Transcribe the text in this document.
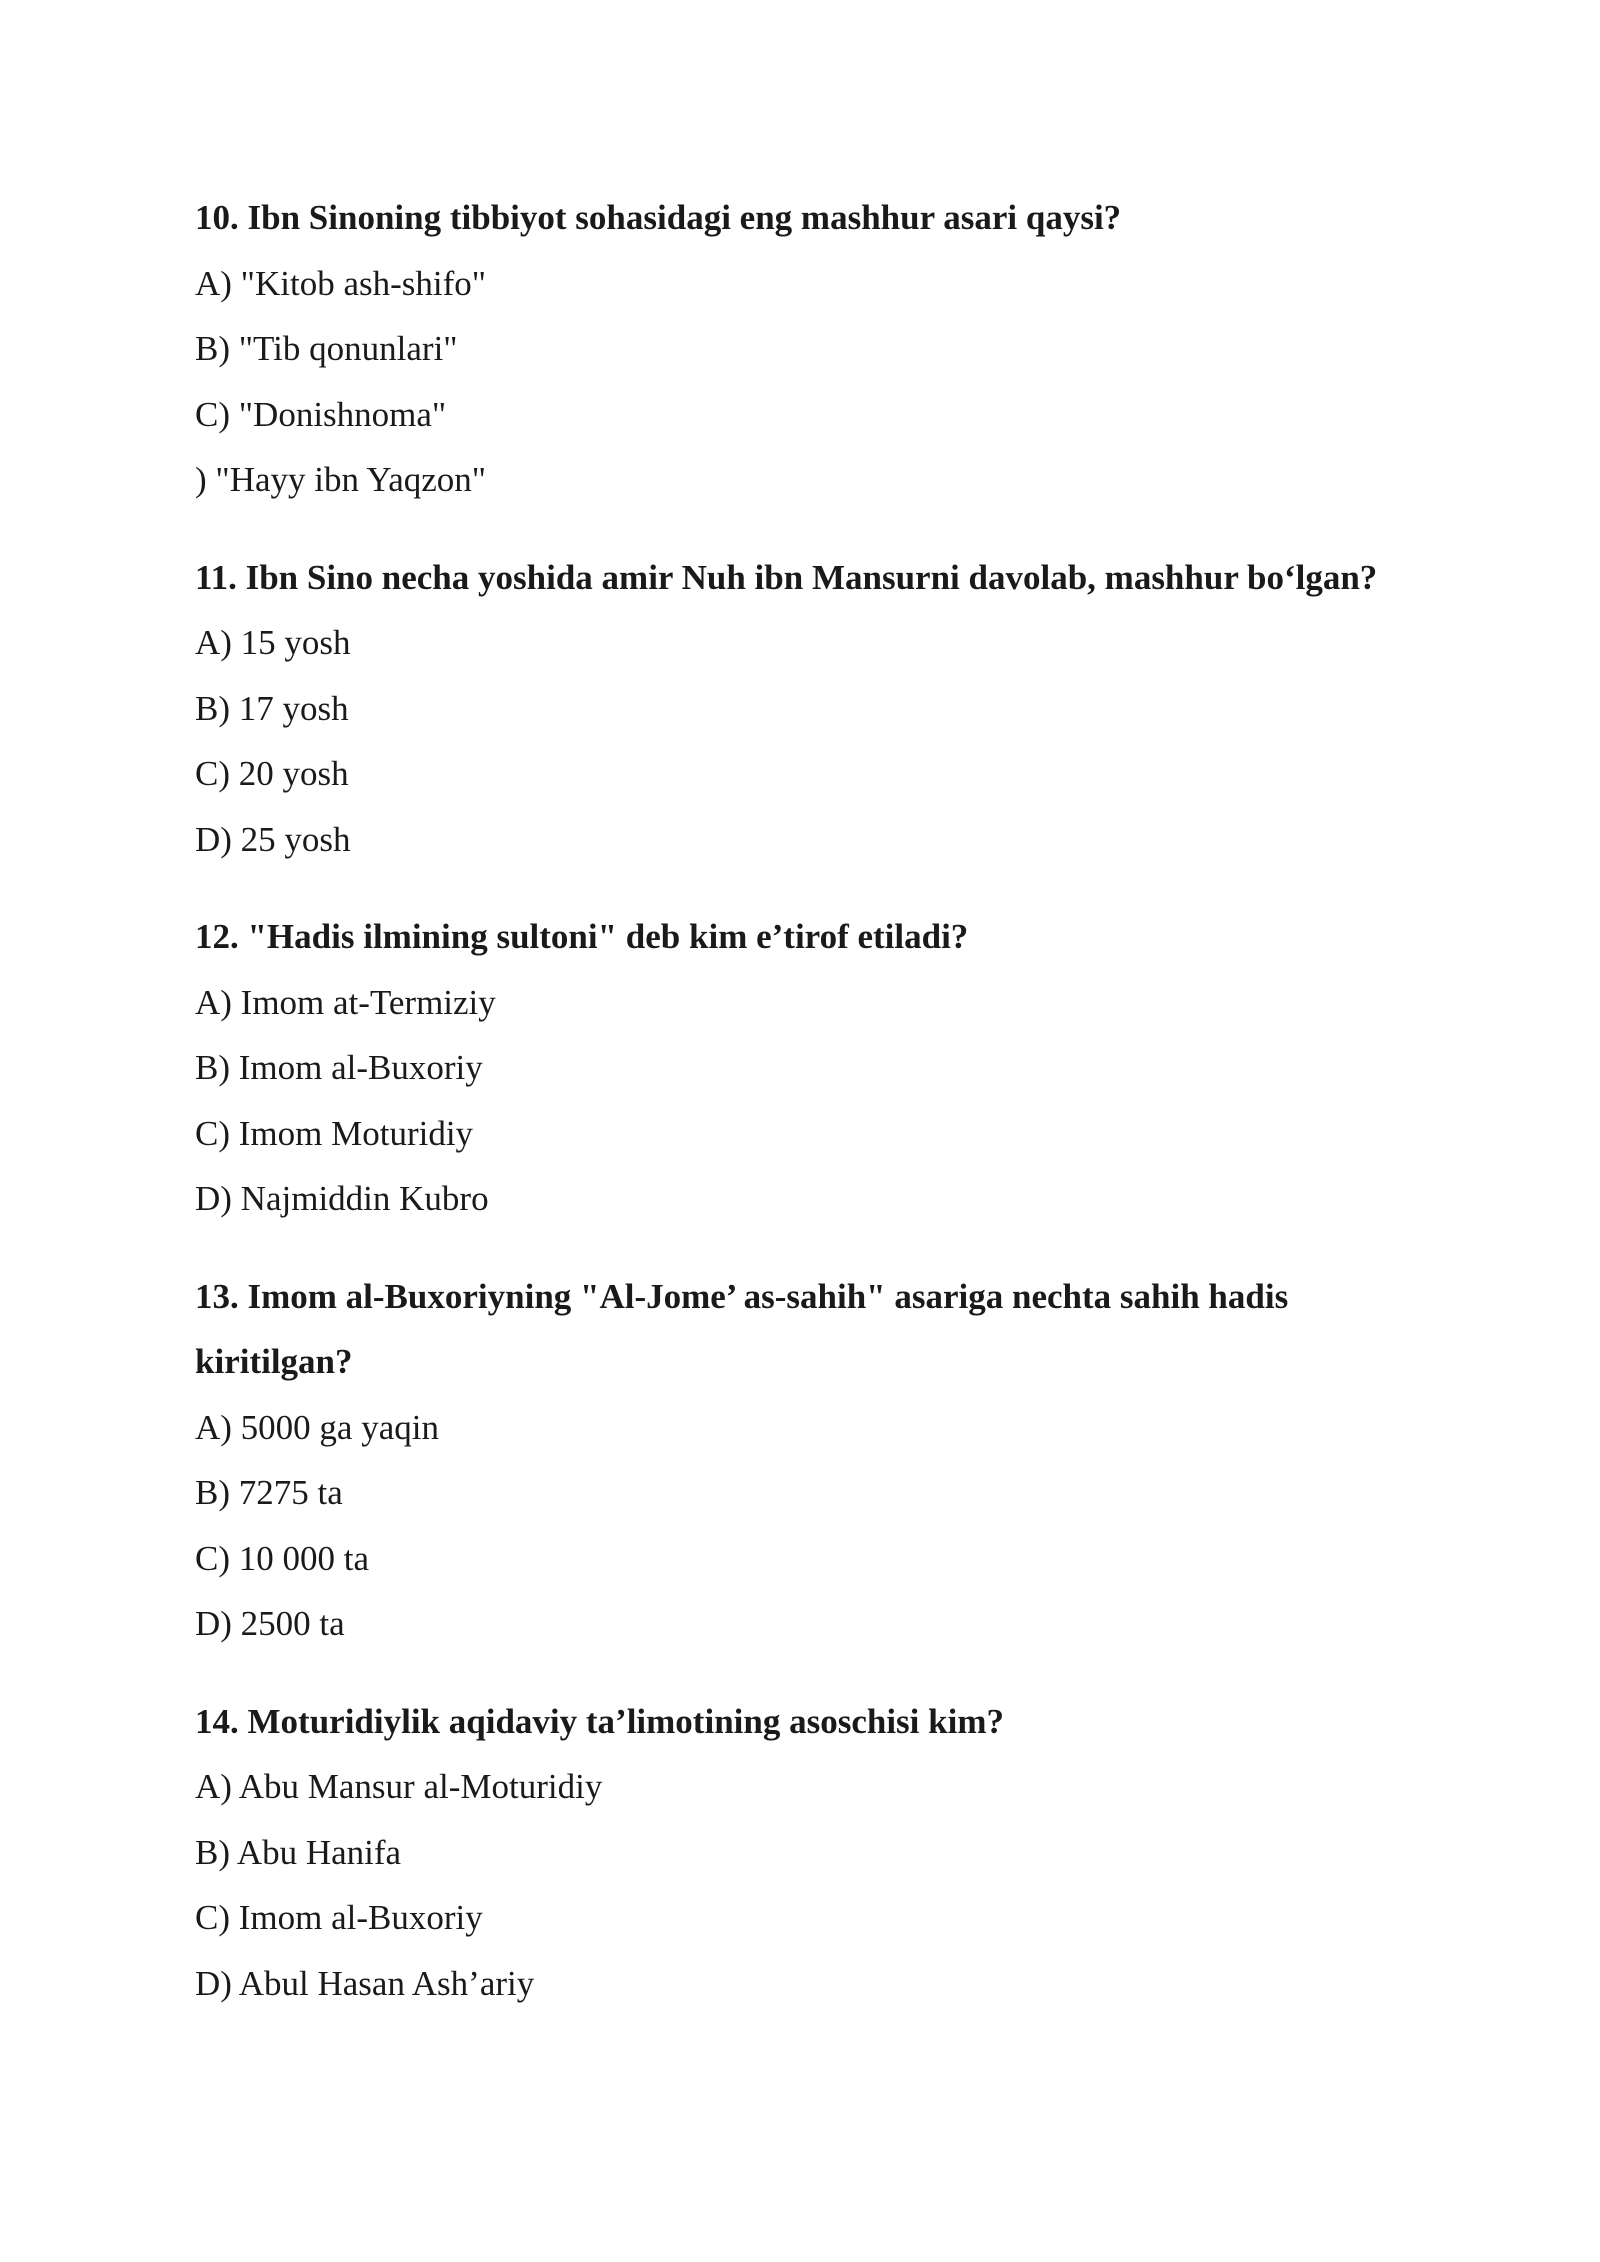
10. Ibn Sinoning tibbiyot sohasidagi eng mashhur asari qaysi?

A) "Kitob ash-shifo"

B) "Tib qonunlari"

C) "Donishnoma"

) "Hayy ibn Yaqzon"

11. Ibn Sino necha yoshida amir Nuh ibn Mansurni davolab, mashhur bo‘lgan?

A) 15 yosh

B) 17 yosh

C) 20 yosh

D) 25 yosh

12. "Hadis ilmining sultoni" deb kim e’tirof etiladi?

A) Imom at-Termiziy

B) Imom al-Buxoriy

C) Imom Moturidiy

D) Najmiddin Kubro

13. Imom al-Buxoriyning "Al-Jome’ as-sahih" asariga nechta sahih hadis kiritilgan?

A) 5000 ga yaqin

B) 7275 ta

C) 10 000 ta

D) 2500 ta

14. Moturidiylik aqidaviy ta’limotining asoschisi kim?

A) Abu Mansur al-Moturidiy

B) Abu Hanifa

C) Imom al-Buxoriy

D) Abul Hasan Ash’ariy
